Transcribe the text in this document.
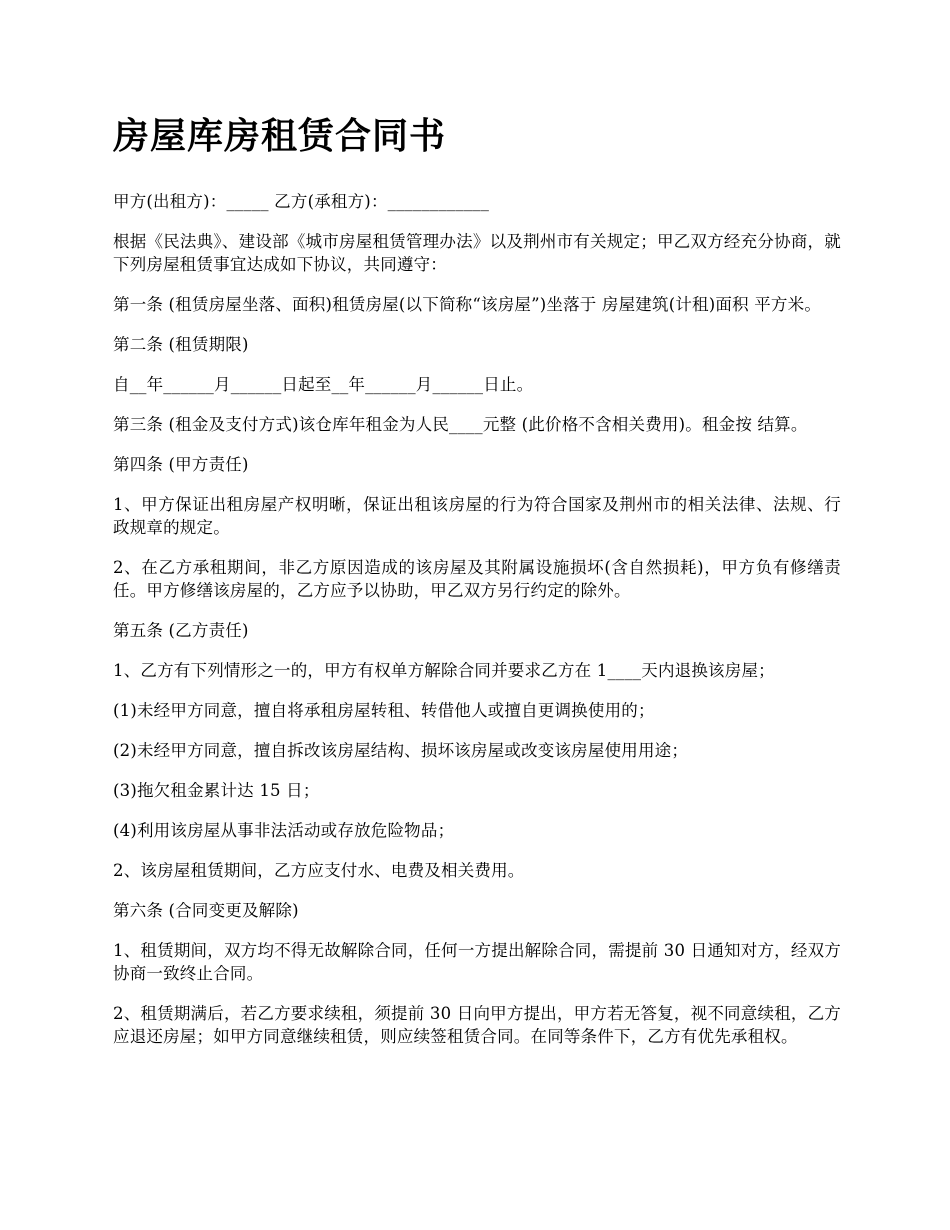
房屋库房租赁合同书

甲方(出租方)：_____ 乙方(承租方)：____________

根据《民法典》、建设部《城市房屋租赁管理办法》以及荆州市有关规定；甲乙双方经充分协商，就下列房屋租赁事宜达成如下协议，共同遵守：

第一条 (租赁房屋坐落、面积)租赁房屋(以下简称“该房屋”)坐落于 房屋建筑(计租)面积 平方米。

第二条 (租赁期限)

自__年______月______日起至__年______月______日止。

第三条 (租金及支付方式)该仓库年租金为人民____元整 (此价格不含相关费用)。租金按 结算。

第四条 (甲方责任)

1、甲方保证出租房屋产权明晰，保证出租该房屋的行为符合国家及荆州市的相关法律、法规、行政规章的规定。

2、在乙方承租期间，非乙方原因造成的该房屋及其附属设施损坏(含自然损耗)，甲方负有修缮责任。甲方修缮该房屋的，乙方应予以协助，甲乙双方另行约定的除外。

第五条 (乙方责任)

1、乙方有下列情形之一的，甲方有权单方解除合同并要求乙方在 1____天内退换该房屋；

(1)未经甲方同意，擅自将承租房屋转租、转借他人或擅自更调换使用的；

(2)未经甲方同意，擅自拆改该房屋结构、损坏该房屋或改变该房屋使用用途；

(3)拖欠租金累计达 15 日；

(4)利用该房屋从事非法活动或存放危险物品；

2、该房屋租赁期间，乙方应支付水、电费及相关费用。

第六条 (合同变更及解除)

1、租赁期间，双方均不得无故解除合同，任何一方提出解除合同，需提前 30 日通知对方，经双方协商一致终止合同。

2、租赁期满后，若乙方要求续租，须提前 30 日向甲方提出，甲方若无答复，视不同意续租，乙方应退还房屋；如甲方同意继续租赁，则应续签租赁合同。在同等条件下，乙方有优先承租权。
